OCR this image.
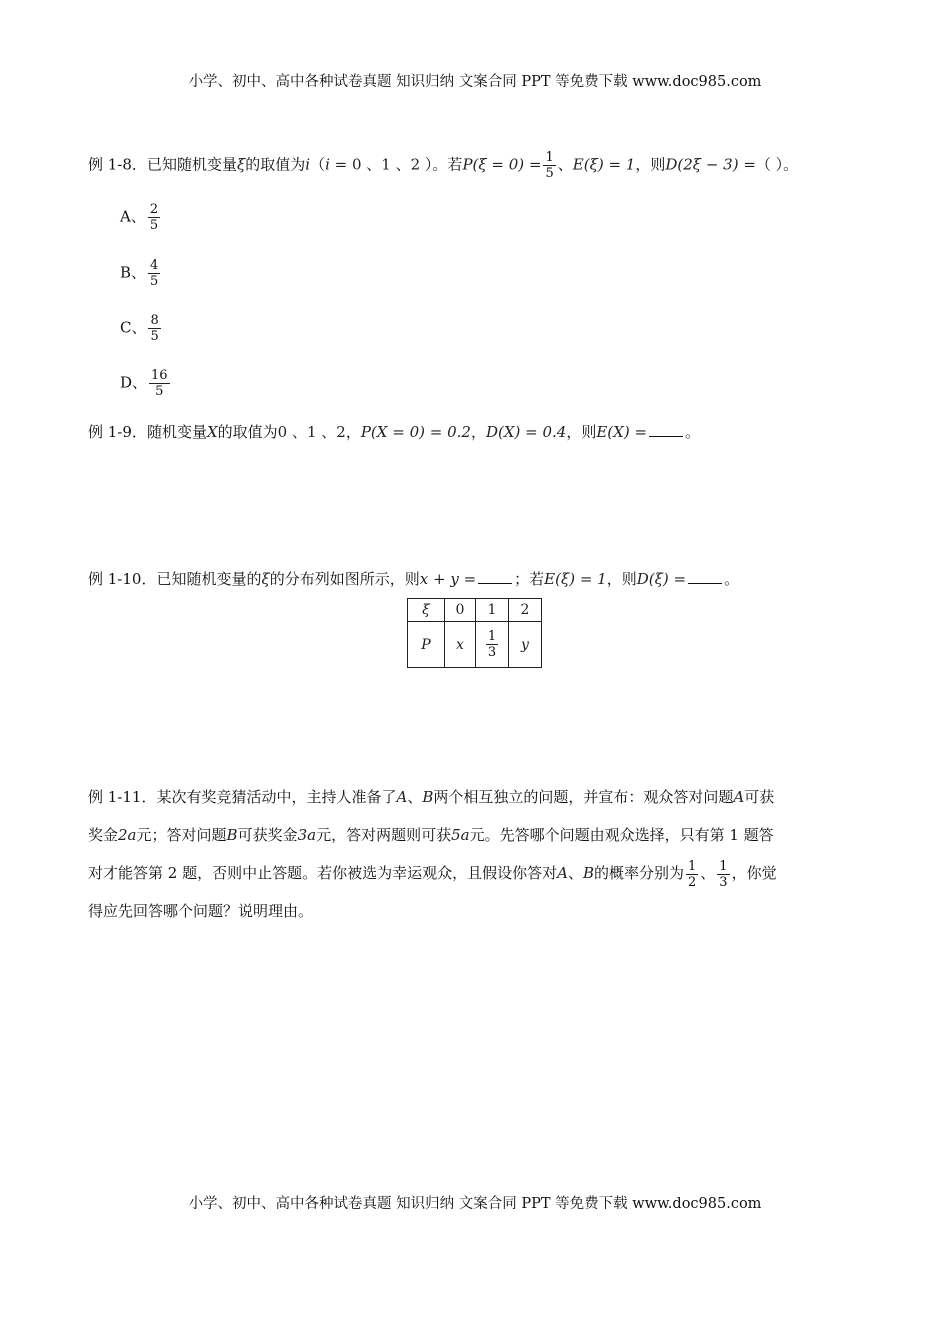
小学、初中、高中各种试卷真题 知识归纳 文案合同 PPT 等免费下载 www.doc985.com
例 1-8．已知随机变量ξ的取值为i（i = 0 、1 、2 ）。若$P(\xi = 0) = \frac{1}{5}$ 、E(ξ) = 1，则D(2ξ − 3) =（ ）。
A、 $\frac{2}{5}$
B、 $\frac{4}{5}$
C、 $\frac{8}{5}$
D、 $\frac{16}{5}$
例 1-9．随机变量X的取值为0 、1 、2，P(X = 0) = 0.2，D(X) = 0.4，则E(X) =	。
例 1-10．已知随机变量的ξ的分布列如图所示，则x + y =	；若E(ξ) = 1，则D(ξ) =	。
ξ	0	1	2
P	x	$\frac{1}{3}$	y
例 1-11．某次有奖竞猜活动中，主持人准备了A、B两个相互独立的问题，并宣布：观众答对问题A可获
奖金2a元；答对问题B可获奖金3a元，答对两题则可获5a元。先答哪个问题由观众选择，只有第 1 题答
对才能答第 2 题，否则中止答题。若你被选为幸运观众，且假设你答对A、B的概率分别为 $\frac{1}{2}$ 、 $\frac{1}{3}$ ，你觉
得应先回答哪个问题？说明理由。
小学、初中、高中各种试卷真题 知识归纳 文案合同 PPT 等免费下载 www.doc985.com
